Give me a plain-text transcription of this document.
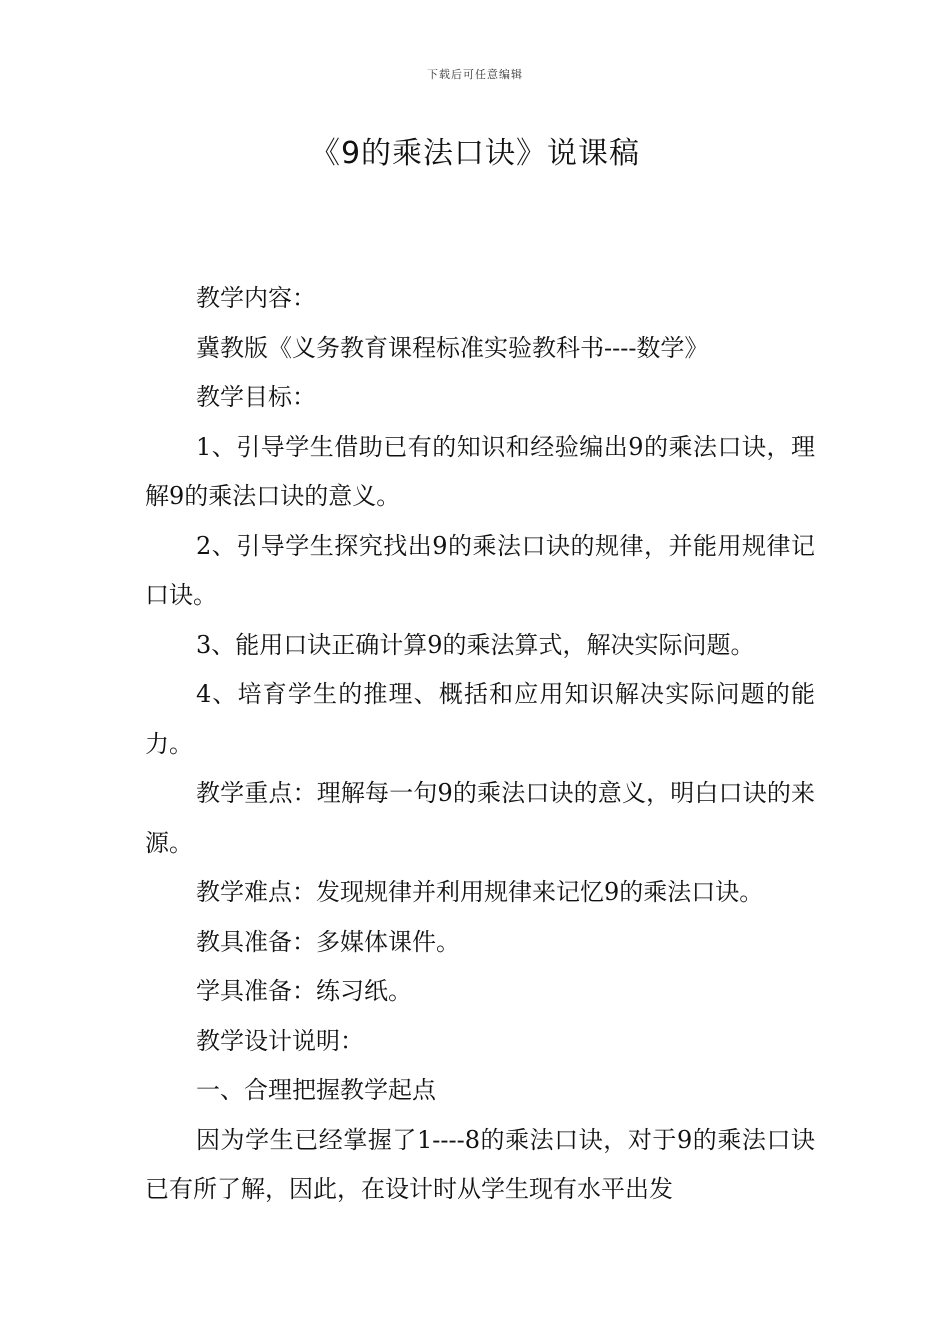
下载后可任意编辑
《9的乘法口诀》说课稿

教学内容：

冀教版《义务教育课程标准实验教科书----数学》

教学目标：

1、引导学生借助已有的知识和经验编出9的乘法口诀，理解9的乘法口诀的意义。

2、引导学生探究找出9的乘法口诀的规律，并能用规律记口诀。

3、能用口诀正确计算9的乘法算式，解决实际问题。

4、培育学生的推理、概括和应用知识解决实际问题的能力。

教学重点：理解每一句9的乘法口诀的意义，明白口诀的来源。

教学难点：发现规律并利用规律来记忆9的乘法口诀。

教具准备：多媒体课件。

学具准备：练习纸。

教学设计说明：

一、合理把握教学起点

因为学生已经掌握了1----8的乘法口诀，对于9的乘法口诀已有所了解，因此，在设计时从学生现有水平出发
